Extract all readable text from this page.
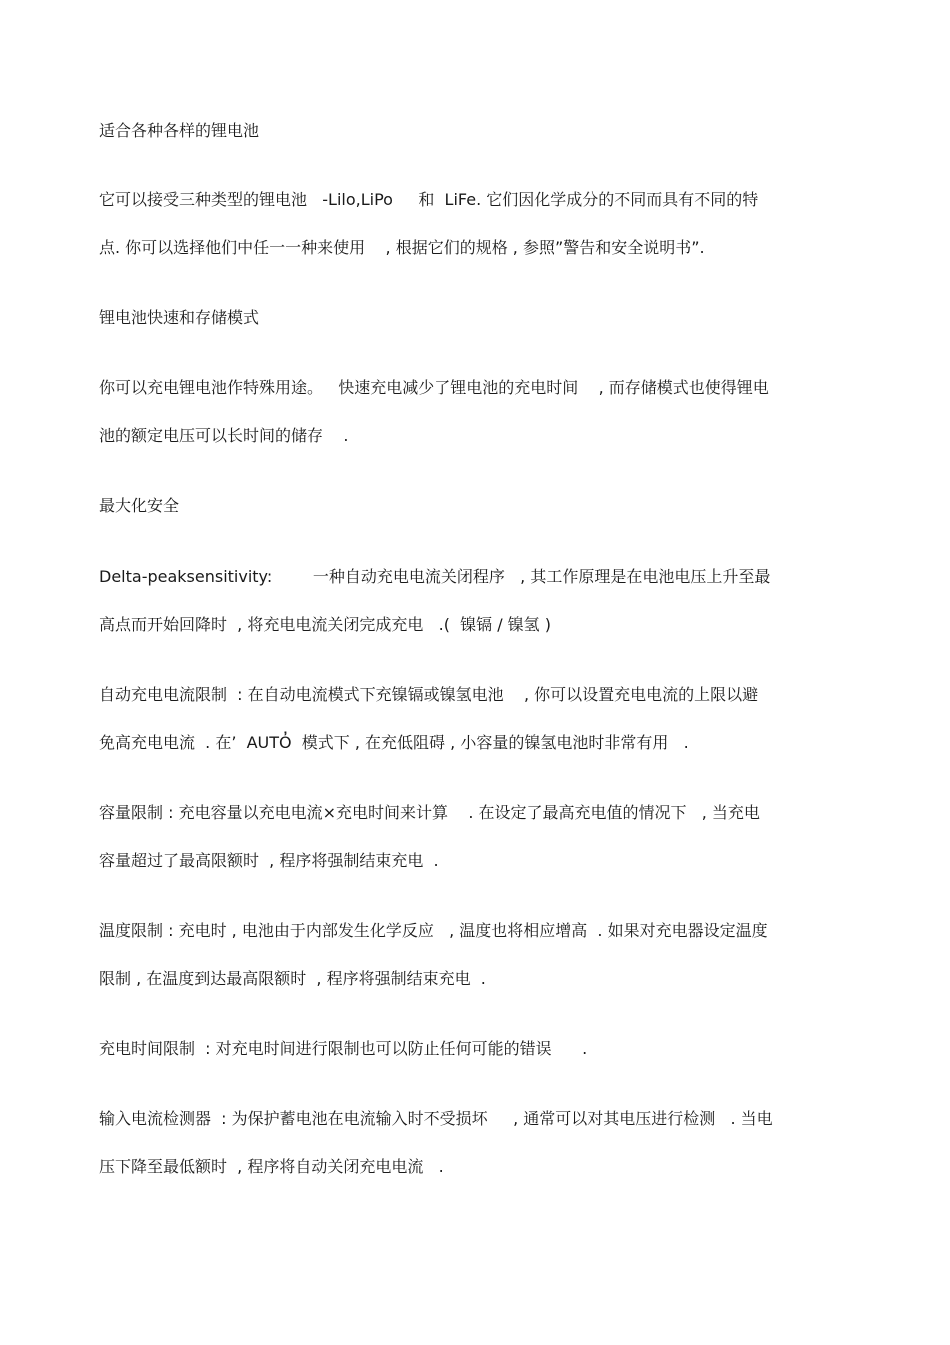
适合各种各样的锂电池
它可以接受三种类型的锂电池   -Lilo,LiPo     和  LiFe. 它们因化学成分的不同而具有不同的特
点. 你可以选择他们中任一一种来使用    , 根据它们的规格 , 参照”警告和安全说明书”.
锂电池快速和存储模式
你可以充电锂电池作特殊用途。   快速充电减少了锂电池的充电时间    , 而存储模式也使得锂电
池的额定电压可以长时间的储存    .
最大化安全
Delta-peaksensitivity:        一种自动充电电流关闭程序   , 其工作原理是在电池电压上升至最
高点而开始回降时  , 将充电电流关闭完成充电   .(  镍镉 / 镍氢 )
自动充电电流限制  : 在自动电流模式下充镍镉或镍氢电池    , 你可以设置充电电流的上限以避
免高充电电流  . 在’  AUTO̓  模式下 , 在充低阻碍 , 小容量的镍氢电池时非常有用   .
容量限制 : 充电容量以充电电流×充电时间来计算    . 在设定了最高充电值的情况下   , 当充电
容量超过了最高限额时  , 程序将强制结束充电  .
温度限制 : 充电时 , 电池由于内部发生化学反应   , 温度也将相应增高  . 如果对充电器设定温度
限制 , 在温度到达最高限额时  , 程序将强制结束充电  .
充电时间限制  : 对充电时间进行限制也可以防止任何可能的错误      .
输入电流检测器  : 为保护蓄电池在电流输入时不受损坏     , 通常可以对其电压进行检测   . 当电
压下降至最低额时  , 程序将自动关闭充电电流   .
